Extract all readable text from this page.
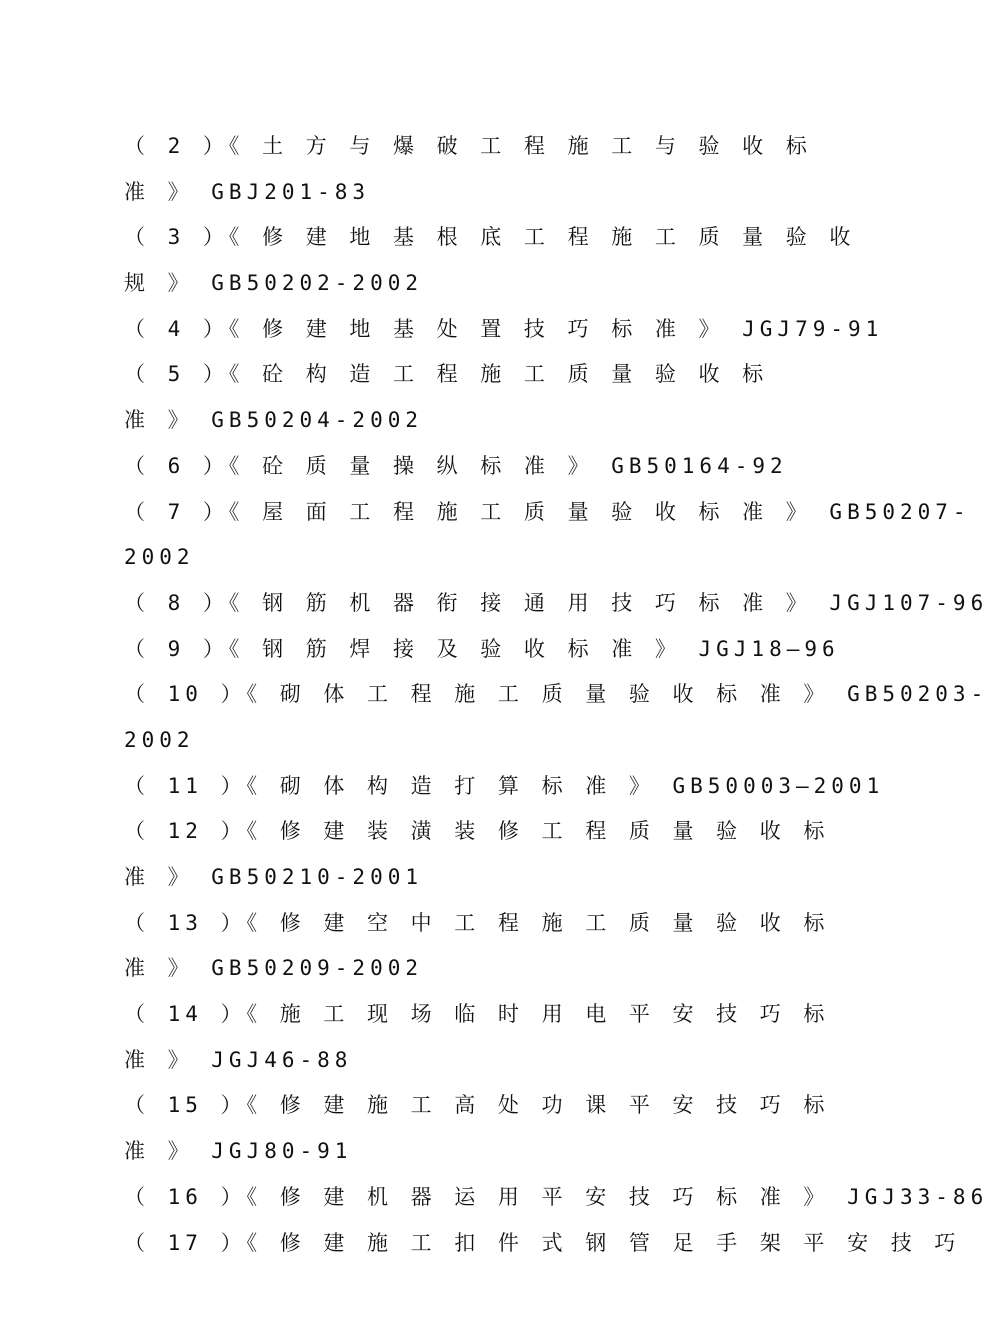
（ 2 ）《 土 方 与 爆 破 工 程 施 工 与 验 收 标
准 》 GBJ201-83
（ 3 ）《 修 建 地 基 根 底 工 程 施 工 质 量 验 收
规 》 GB50202-2002
（ 4 ）《 修 建 地 基 处 置 技 巧 标 准 》 JGJ79-91
（ 5 ）《 砼 构 造 工 程 施 工 质 量 验 收 标
准 》 GB50204-2002
（ 6 ）《 砼 质 量 操 纵 标 准 》 GB50164-92
（ 7 ）《 屋 面 工 程 施 工 质 量 验 收 标 准 》 GB50207-
2002
（ 8 ）《 钢 筋 机 器 衔 接 通 用 技 巧 标 准 》 JGJ107-96
（ 9 ）《 钢 筋 焊 接 及 验 收 标 准 》 JGJ18—96
（ 10 ）《 砌 体 工 程 施 工 质 量 验 收 标 准 》 GB50203-
2002
（ 11 ）《 砌 体 构 造 打 算 标 准 》 GB50003—2001
（ 12 ）《 修 建 装 潢 装 修 工 程 质 量 验 收 标
准 》 GB50210-2001
（ 13 ）《 修 建 空 中 工 程 施 工 质 量 验 收 标
准 》 GB50209-2002
（ 14 ）《 施 工 现 场 临 时 用 电 平 安 技 巧 标
准 》 JGJ46-88
（ 15 ）《 修 建 施 工 高 处 功 课 平 安 技 巧 标
准 》 JGJ80-91
（ 16 ）《 修 建 机 器 运 用 平 安 技 巧 标 准 》 JGJ33-86
（ 17 ）《 修 建 施 工 扣 件 式 钢 管 足 手 架 平 安 技 巧
